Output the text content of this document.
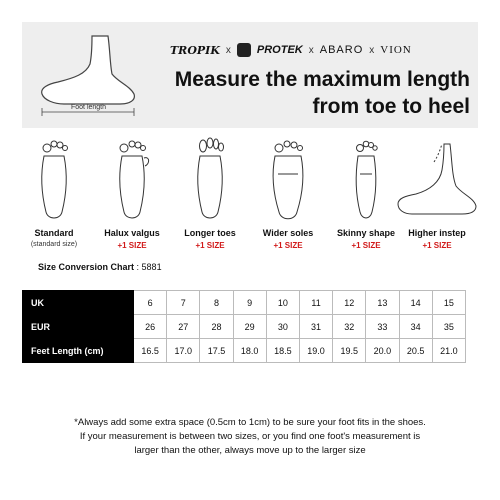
Foot length
TROPIK x PROTEK x ABARO x VION
Measure the maximum length
from toe to heel
Standard
(standard size)
Halux valgus
+1 SIZE
Longer toes
+1 SIZE
Wider soles
+1 SIZE
Skinny shape
+1 SIZE
Higher instep
+1 SIZE
Size Conversion Chart : 5881
UK	6	7	8	9	10	11	12	13	14	15
EUR	26	27	28	29	30	31	32	33	34	35
Feet Length (cm)	16.5	17.0	17.5	18.0	18.5	19.0	19.5	20.0	20.5	21.0
*Always add some extra space (0.5cm to 1cm) to be sure your foot fits in the shoes.
If your measurement is between two sizes, or you find one foot's measurement is
larger than the other, always move up to the larger size
